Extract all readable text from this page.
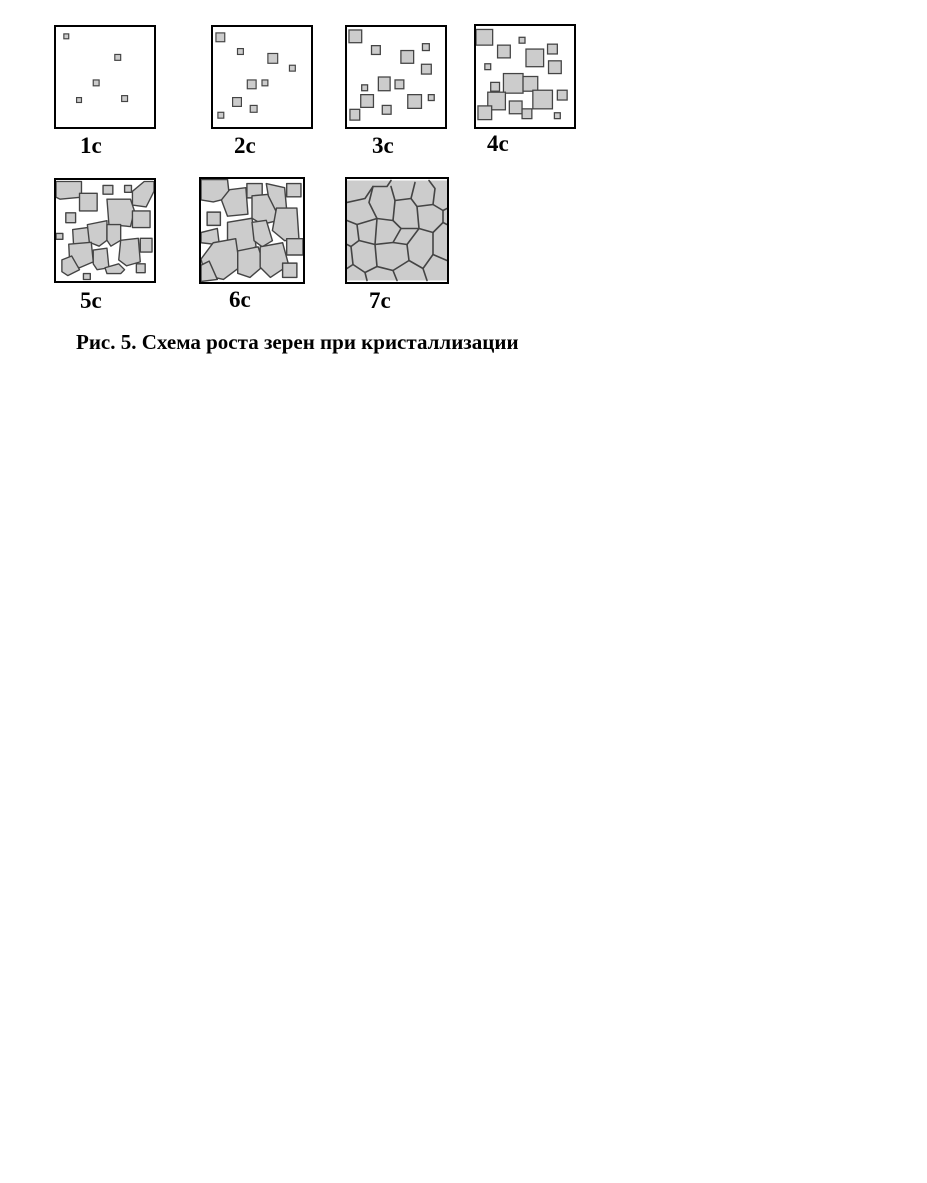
1c	2c	3c	4c
5c	6c	7c
Рис. 5. Схема роста зерен при кристаллизации
